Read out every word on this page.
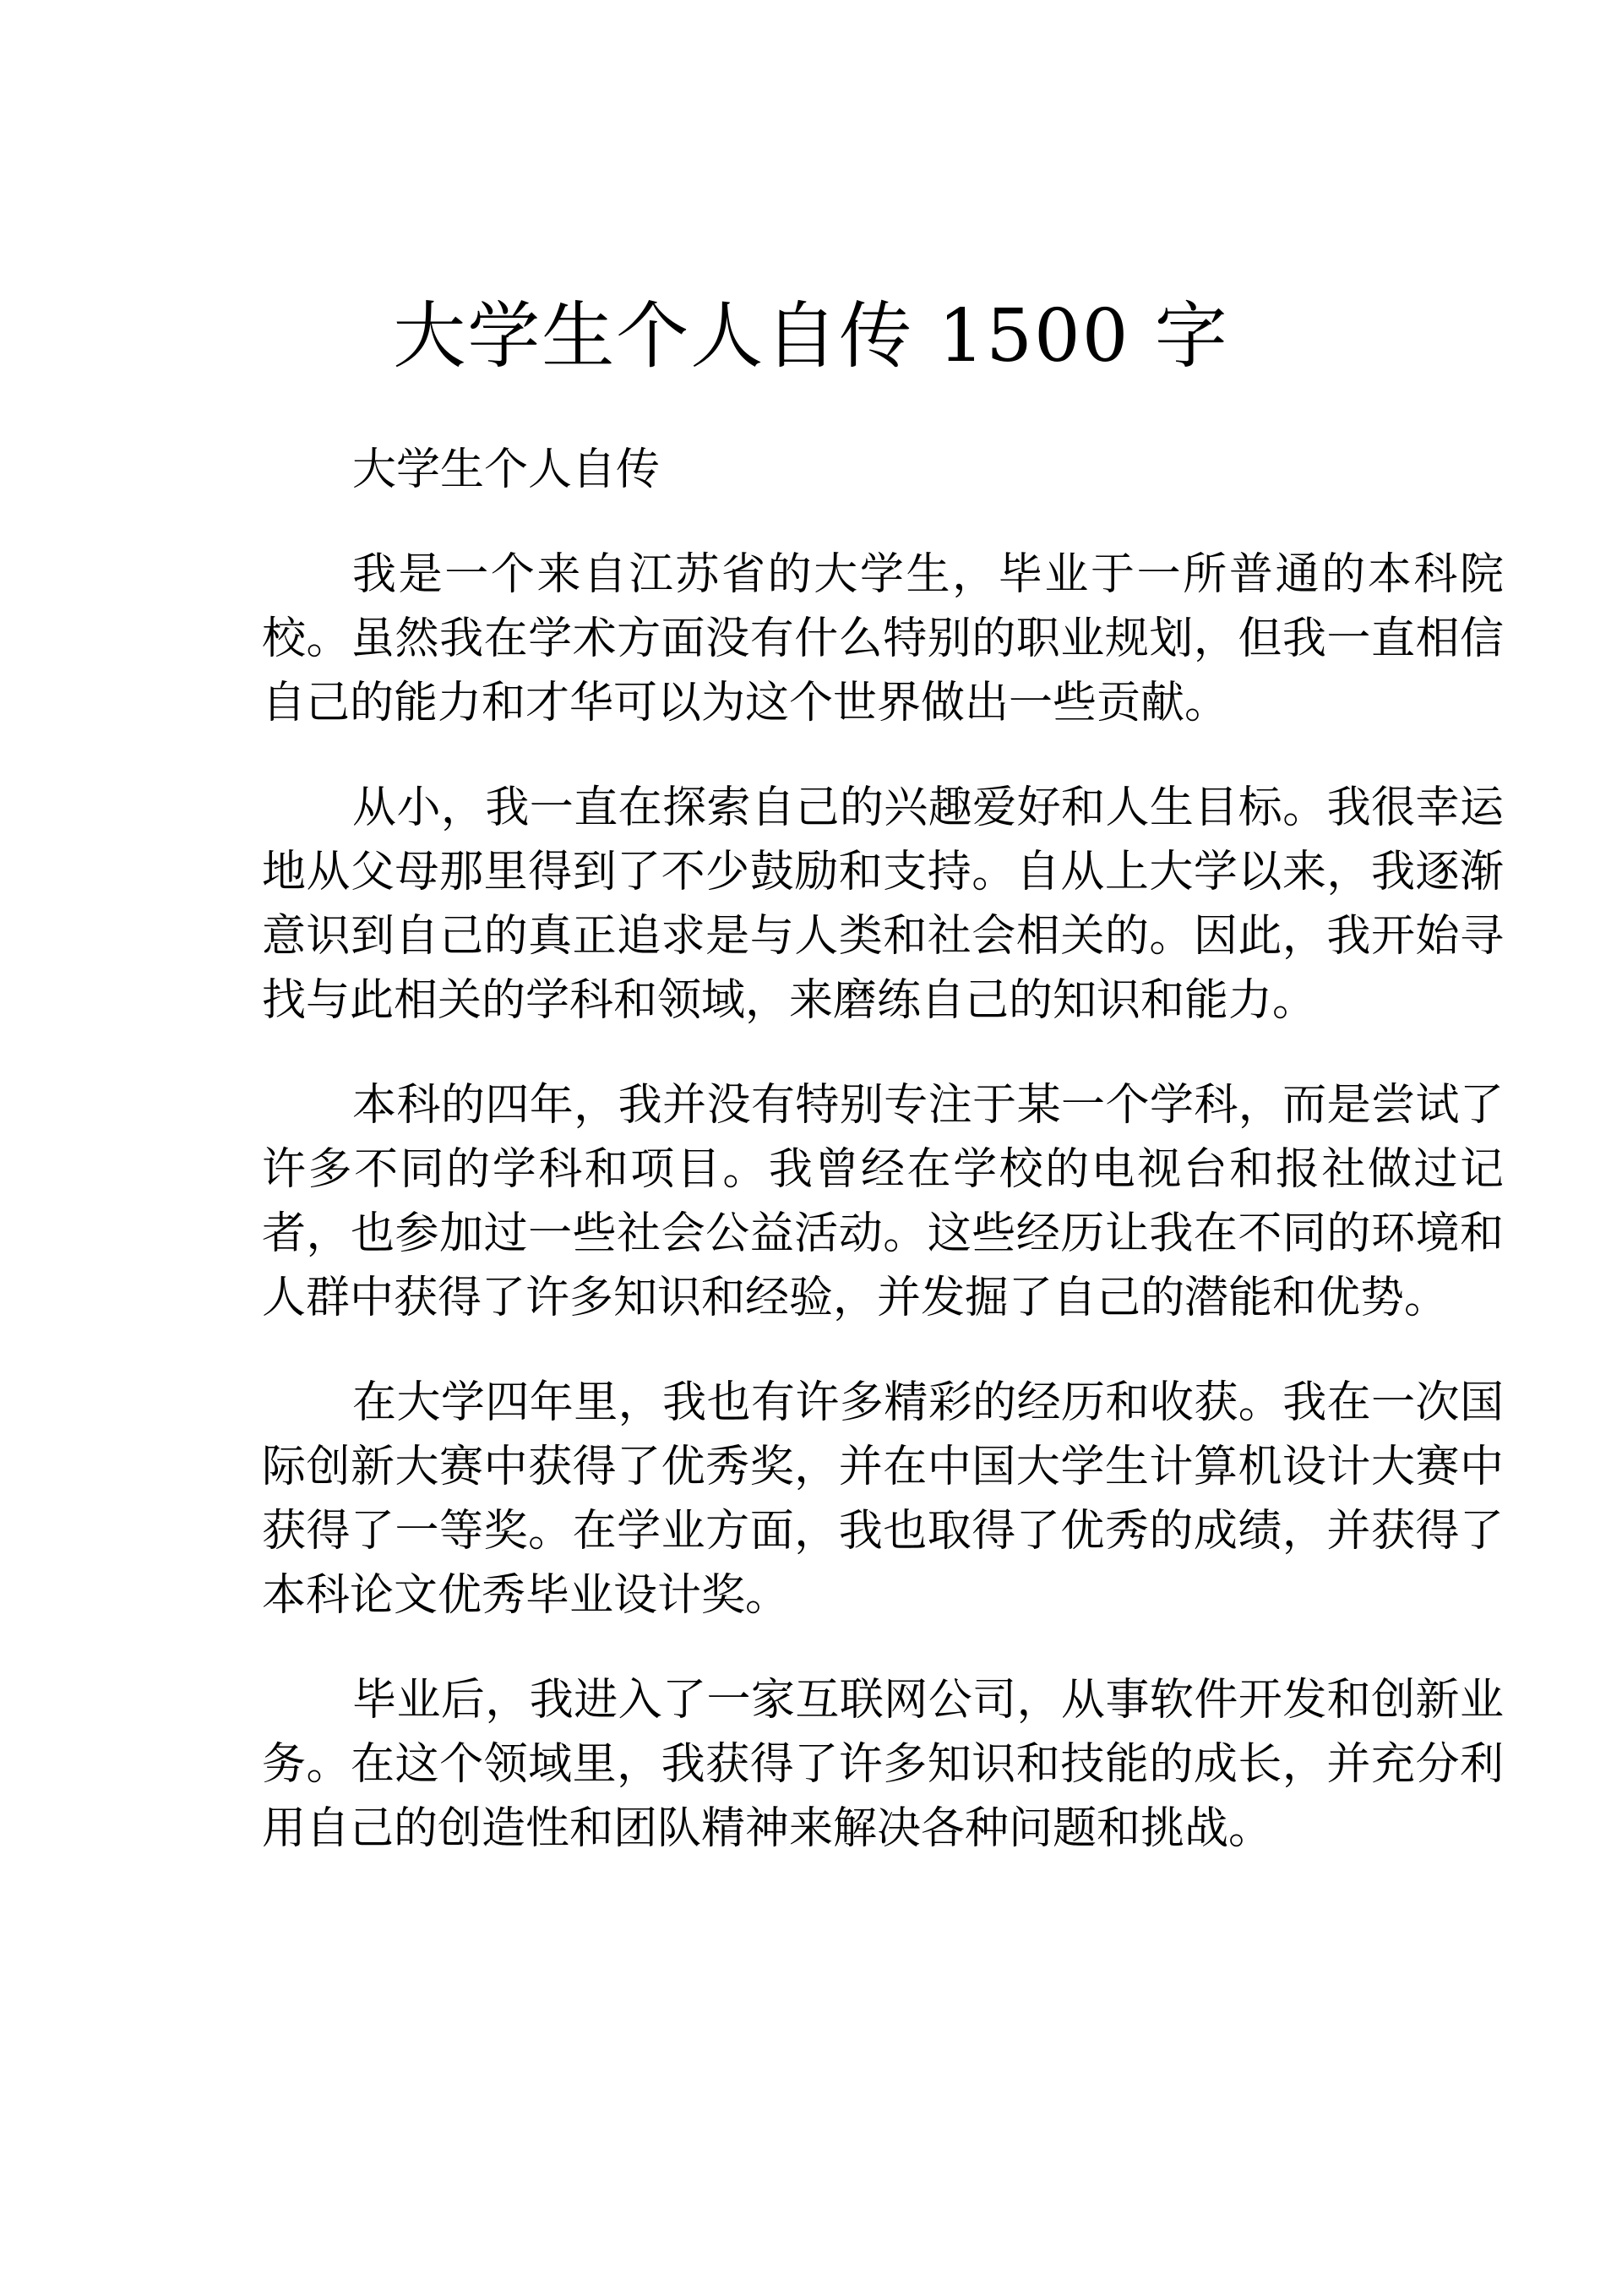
大学生个人自传 1500 字

大学生个人自传

我是一个来自江苏省的大学生，毕业于一所普通的本科院校。虽然我在学术方面没有什么特别的职业规划，但我一直相信自己的能力和才华可以为这个世界做出一些贡献。

从小，我一直在探索自己的兴趣爱好和人生目标。我很幸运地从父母那里得到了不少鼓励和支持。自从上大学以来，我逐渐意识到自己的真正追求是与人类和社会相关的。因此，我开始寻找与此相关的学科和领域，来磨练自己的知识和能力。

本科的四年，我并没有特别专注于某一个学科，而是尝试了许多不同的学科和项目。我曾经在学校的电视台和报社做过记者，也参加过一些社会公益活动。这些经历让我在不同的环境和人群中获得了许多知识和经验，并发掘了自己的潜能和优势。

在大学四年里，我也有许多精彩的经历和收获。我在一次国际创新大赛中获得了优秀奖，并在中国大学生计算机设计大赛中获得了一等奖。在学业方面，我也取得了优秀的成绩，并获得了本科论文优秀毕业设计奖。

毕业后，我进入了一家互联网公司，从事软件开发和创新业务。在这个领域里，我获得了许多知识和技能的成长，并充分利用自己的创造性和团队精神来解决各种问题和挑战。
